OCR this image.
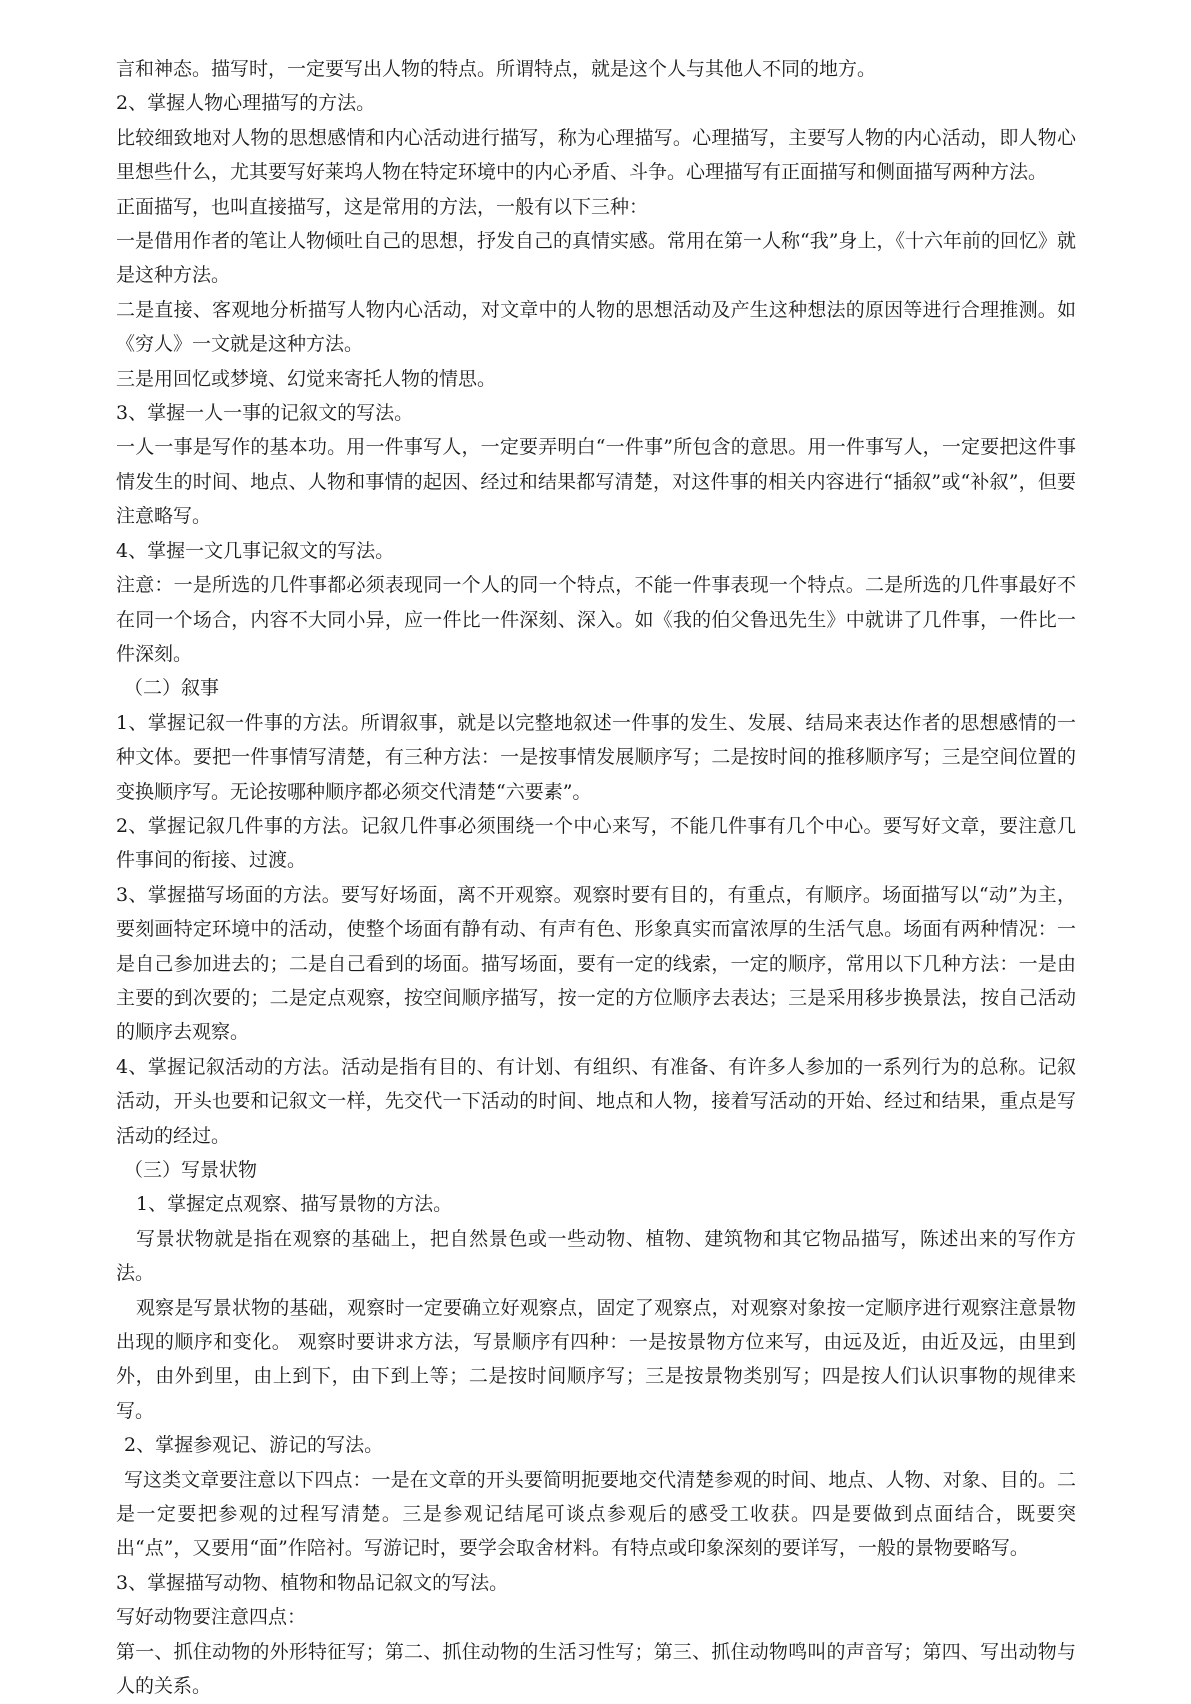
言和神态。描写时，一定要写出人物的特点。所谓特点，就是这个人与其他人不同的地方。

2、掌握人物心理描写的方法。

比较细致地对人物的思想感情和内心活动进行描写，称为心理描写。心理描写，主要写人物的内心活动，即人物心里想些什么，尤其要写好莱坞人物在特定环境中的内心矛盾、斗争。心理描写有正面描写和侧面描写两种方法。

正面描写，也叫直接描写，这是常用的方法，一般有以下三种：

一是借用作者的笔让人物倾吐自己的思想，抒发自己的真情实感。常用在第一人称“我”身上，《十六年前的回忆》就是这种方法。

二是直接、客观地分析描写人物内心活动，对文章中的人物的思想活动及产生这种想法的原因等进行合理推测。如《穷人》一文就是这种方法。

三是用回忆或梦境、幻觉来寄托人物的情思。

3、掌握一人一事的记叙文的写法。

一人一事是写作的基本功。用一件事写人，一定要弄明白“一件事”所包含的意思。用一件事写人，一定要把这件事情发生的时间、地点、人物和事情的起因、经过和结果都写清楚，对这件事的相关内容进行“插叙”或“补叙”，但要注意略写。

4、掌握一文几事记叙文的写法。

注意：一是所选的几件事都必须表现同一个人的同一个特点，不能一件事表现一个特点。二是所选的几件事最好不在同一个场合，内容不大同小异，应一件比一件深刻、深入。如《我的伯父鲁迅先生》中就讲了几件事，一件比一件深刻。

（二）叙事

1、掌握记叙一件事的方法。所谓叙事，就是以完整地叙述一件事的发生、发展、结局来表达作者的思想感情的一种文体。要把一件事情写清楚，有三种方法：一是按事情发展顺序写；二是按时间的推移顺序写；三是空间位置的变换顺序写。无论按哪种顺序都必须交代清楚“六要素”。

2、掌握记叙几件事的方法。记叙几件事必须围绕一个中心来写，不能几件事有几个中心。要写好文章，要注意几件事间的衔接、过渡。

3、掌握描写场面的方法。要写好场面，离不开观察。观察时要有目的，有重点，有顺序。场面描写以“动”为主，要刻画特定环境中的活动，使整个场面有静有动、有声有色、形象真实而富浓厚的生活气息。场面有两种情况：一是自己参加进去的；二是自己看到的场面。描写场面，要有一定的线索，一定的顺序，常用以下几种方法：一是由主要的到次要的；二是定点观察，按空间顺序描写，按一定的方位顺序去表达；三是采用移步换景法，按自己活动的顺序去观察。

4、掌握记叙活动的方法。活动是指有目的、有计划、有组织、有准备、有许多人参加的一系列行为的总称。记叙活动，开头也要和记叙文一样，先交代一下活动的时间、地点和人物，接着写活动的开始、经过和结果，重点是写活动的经过。

（三）写景状物

1、掌握定点观察、描写景物的方法。

写景状物就是指在观察的基础上，把自然景色或一些动物、植物、建筑物和其它物品描写，陈述出来的写作方法。

观察是写景状物的基础，观察时一定要确立好观察点，固定了观察点，对观察对象按一定顺序进行观察注意景物出现的顺序和变化。 观察时要讲求方法，写景顺序有四种：一是按景物方位来写，由远及近，由近及远，由里到外，由外到里，由上到下，由下到上等；二是按时间顺序写；三是按景物类别写；四是按人们认识事物的规律来写。

2、掌握参观记、游记的写法。

写这类文章要注意以下四点：一是在文章的开头要简明扼要地交代清楚参观的时间、地点、人物、对象、目的。二是一定要把参观的过程写清楚。三是参观记结尾可谈点参观后的感受工收获。四是要做到点面结合，既要突出“点”，又要用“面”作陪衬。写游记时，要学会取舍材料。有特点或印象深刻的要详写，一般的景物要略写。

3、掌握描写动物、植物和物品记叙文的写法。

写好动物要注意四点：

第一、抓住动物的外形特征写；第二、抓住动物的生活习性写；第三、抓住动物鸣叫的声音写；第四、写出动物与人的关系。
